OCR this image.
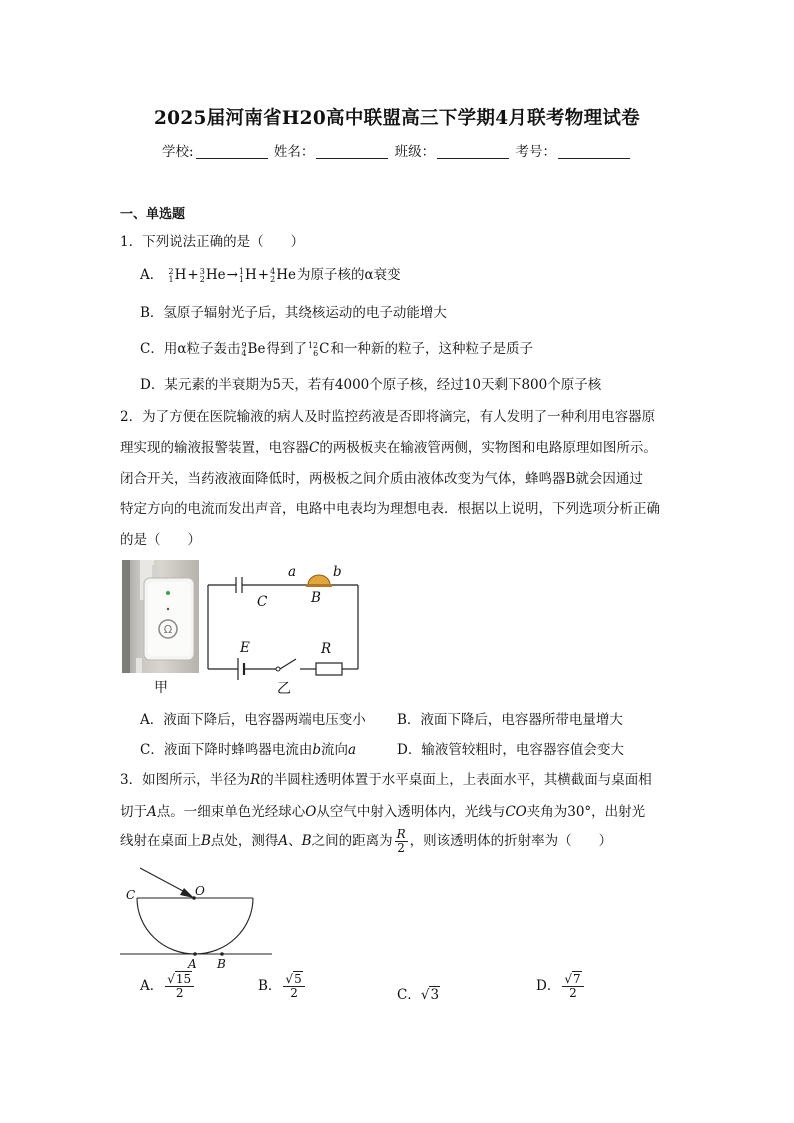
2025届河南省H20高中联盟高三下学期4月联考物理试卷
学校:	姓名：	班级：	考号：
一、单选题
1．下列说法正确的是（　　）
A． 2
1 H+ 3
2 He→ 1
1 H+ 4
2 He为原子核的α衰变
B．氢原子辐射光子后，其绕核运动的电子动能增大
C．用α粒子轰击 9
4 Be得到了 12
6 C和一种新的粒子，这种粒子是质子
D．某元素的半衰期为5天，若有4000个原子核，经过10天剩下800个原子核
2．为了方便在医院输液的病人及时监控药液是否即将滴完，有人发明了一种利用电容器原
理实现的输液报警装置，电容器C的两极板夹在输液管两侧，实物图和电路原理如图所示。
闭合开关，当药液液面降低时，两极板之间介质由液体改变为气体，蜂鸣器B就会因通过
特定方向的电流而发出声音，电路中电表均为理想电表．根据以上说明，下列选项分析正确
的是（　　）
Ω
甲
a	b
B
C
E	R
乙
A．液面下降后，电容器两端电压变小 B．液面下降后，电容器所带电量增大
C．液面下降时蜂鸣器电流由b流向a	D．输液管较粗时，电容器容值会变大
3．如图所示，半径为R的半圆柱透明体置于水平桌面上，上表面水平，其横截面与桌面相
切于A点。一细束单色光经球心O从空气中射入透明体内，光线与CO夹角为30°，出射光
线射在桌面上B点处，测得A、B之间的距离为 $\frac{R}{2}$ ，则该透明体的折射率为（　　）
C	O
A B
A． $\frac{√15}{2}$	B． $\frac{√5}{2}$	C．√3
D． $\frac{√7}{2}$
